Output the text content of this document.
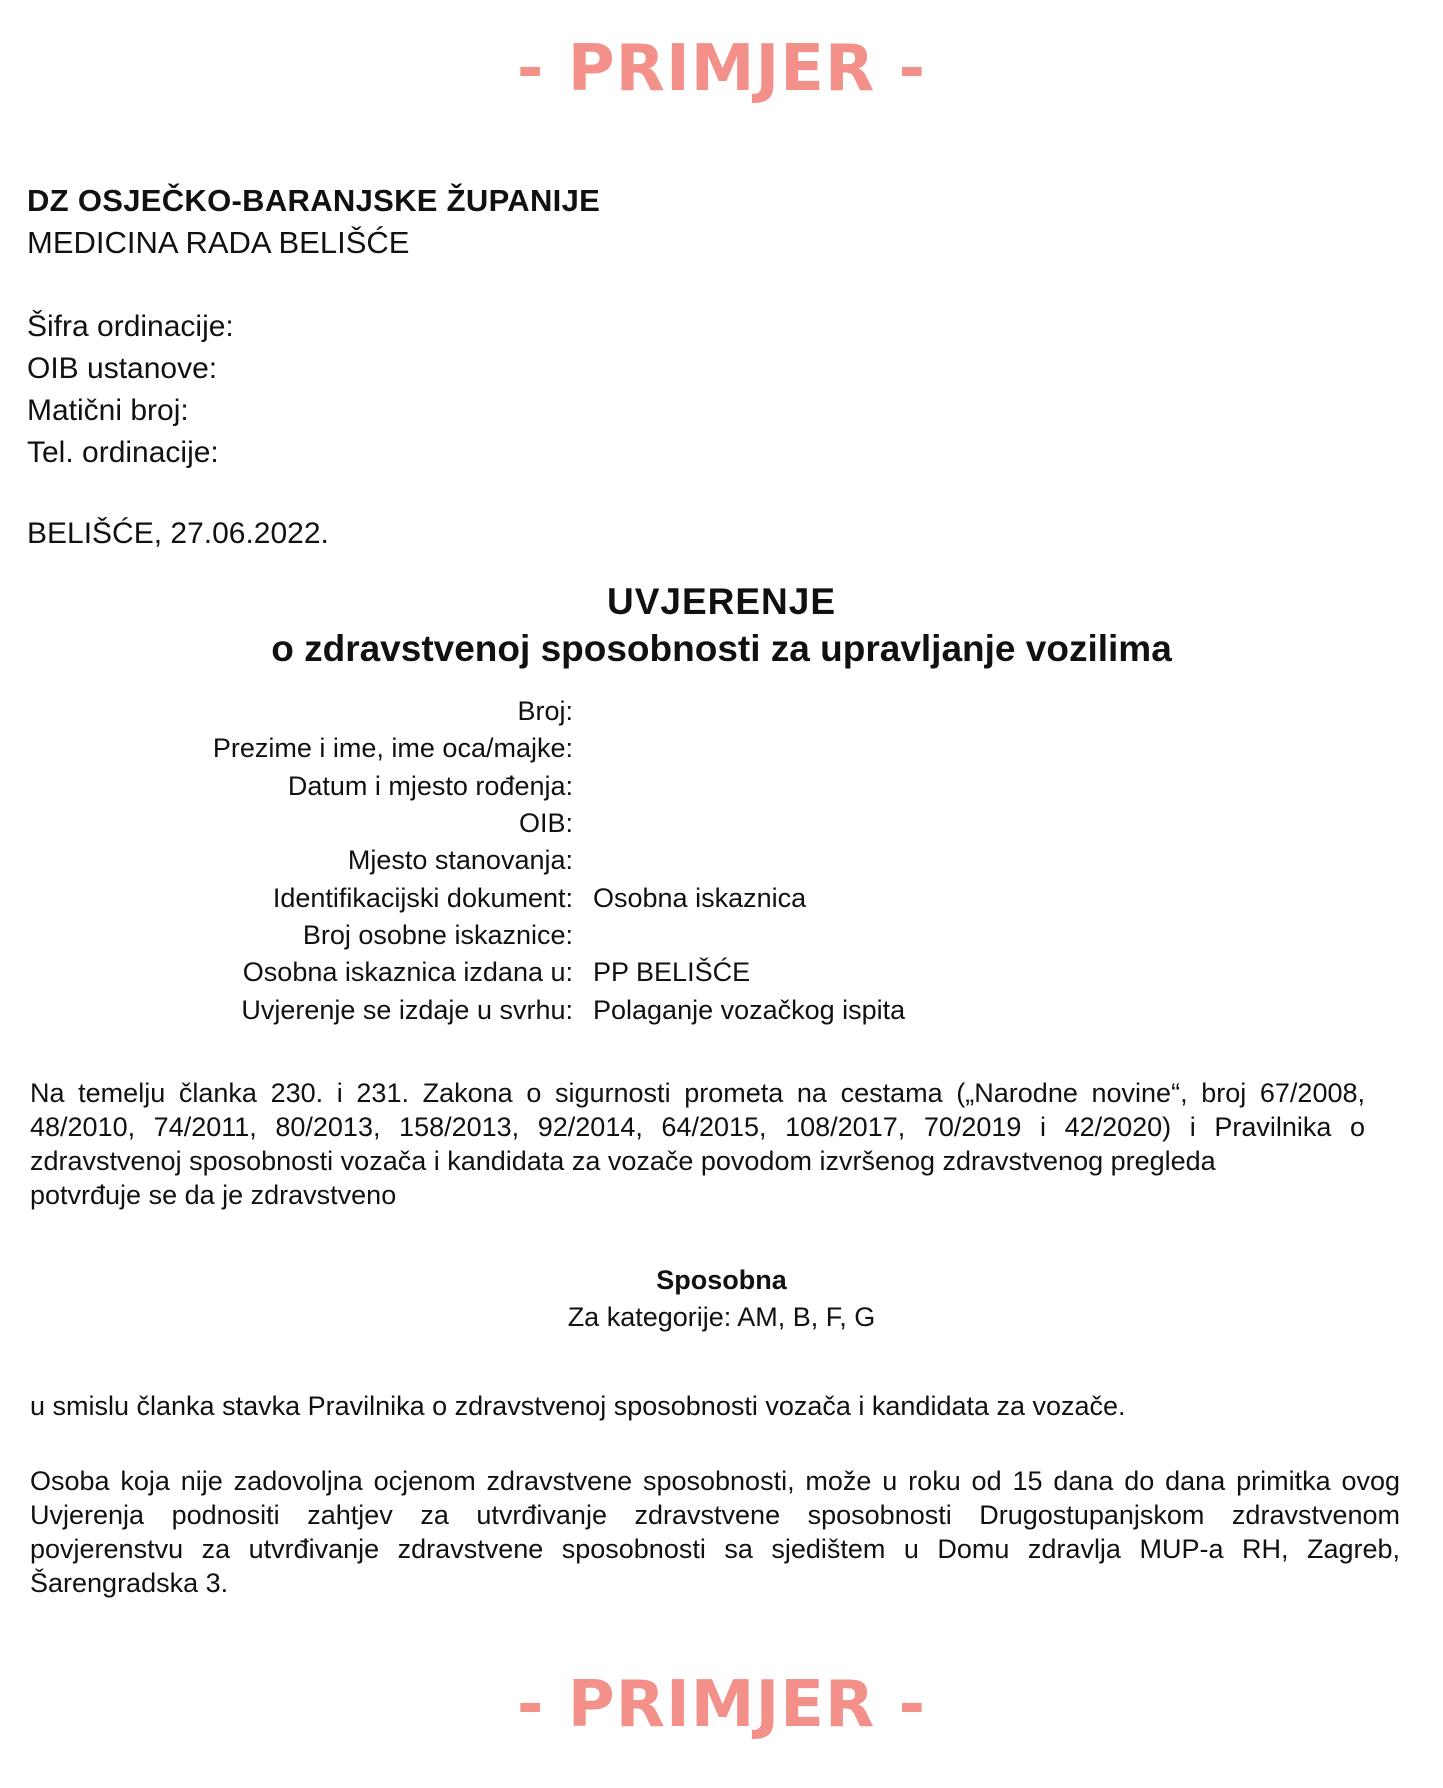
- PRIMJER -
DZ OSJEČKO-BARANJSKE ŽUPANIJE
MEDICINA RADA BELIŠĆE
Šifra ordinacije:
OIB ustanove:
Matični broj:
Tel. ordinacije:
BELIŠĆE, 27.06.2022.
UVJERENJE
o zdravstvenoj sposobnosti za upravljanje vozilima
Broj:
Prezime i ime, ime oca/majke:
Datum i mjesto rođenja:
OIB:
Mjesto stanovanja:
Identifikacijski dokument: Osobna iskaznica
Broj osobne iskaznice:
Osobna iskaznica izdana u: PP BELIŠĆE
Uvjerenje se izdaje u svrhu: Polaganje vozačkog ispita
Na temelju članka 230. i 231. Zakona o sigurnosti prometa na cestama („Narodne novine“, broj 67/2008, 48/2010, 74/2011, 80/2013, 158/2013, 92/2014, 64/2015, 108/2017, 70/2019 i 42/2020) i Pravilnika o zdravstvenoj sposobnosti vozača i kandidata za vozače povodom izvršenog zdravstvenog pregleda
potvrđuje se da je zdravstveno
Sposobna
Za kategorije: AM, B, F, G
u smislu članka stavka Pravilnika o zdravstvenoj sposobnosti vozača i kandidata za vozače.
Osoba koja nije zadovoljna ocjenom zdravstvene sposobnosti, može u roku od 15 dana do dana primitka ovog Uvjerenja podnositi zahtjev za utvrđivanje zdravstvene sposobnosti Drugostupanjskom zdravstvenom povjerenstvu za utvrđivanje zdravstvene sposobnosti sa sjedištem u Domu zdravlja MUP-a RH, Zagreb, Šarengradska 3.
- PRIMJER -
